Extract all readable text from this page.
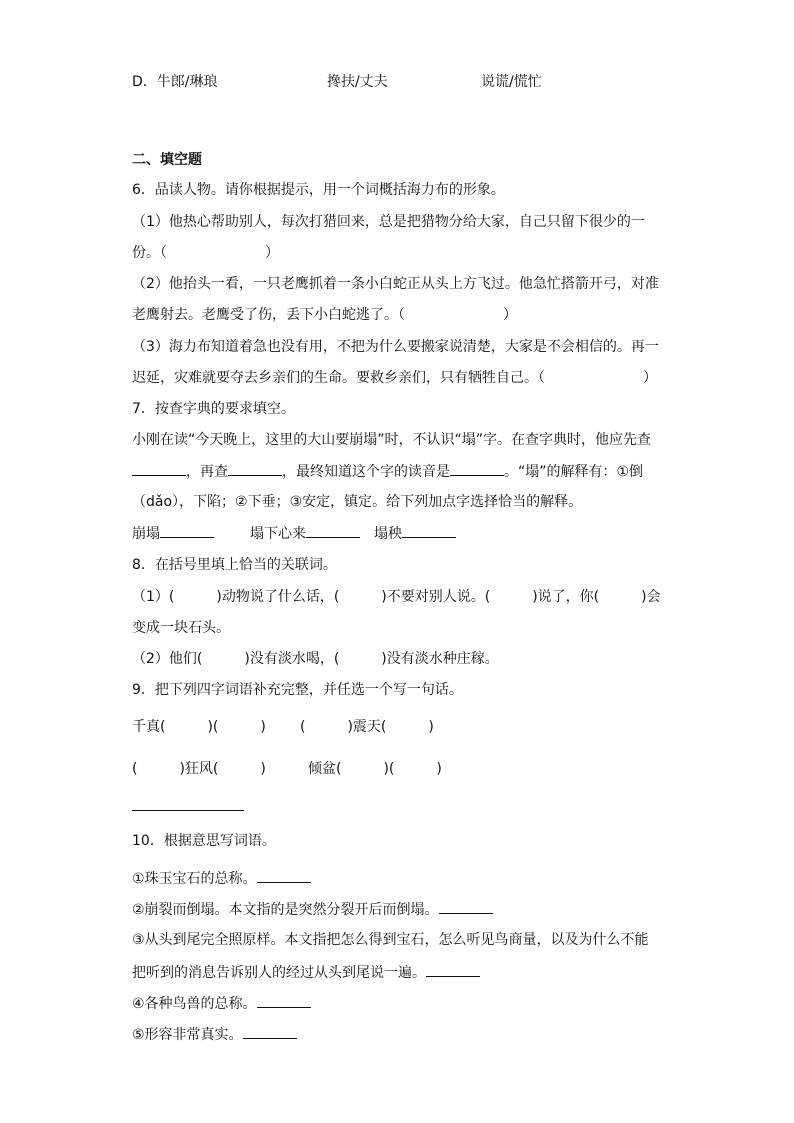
D．牛郎/琳琅	搀扶/丈夫	说谎/慌忙
二、填空题
6．品读人物。请你根据提示，用一个词概括海力布的形象。
（1）他热心帮助别人，每次打猎回来，总是把猎物分给大家，自己只留下很少的一
份。（　　　　　　　）
（2）他抬头一看，一只老鹰抓着一条小白蛇正从头上方飞过。他急忙搭箭开弓，对准
老鹰射去。老鹰受了伤，丢下小白蛇逃了。（　　　　　　　）
（3）海力布知道着急也没有用，不把为什么要搬家说清楚，大家是不会相信的。再一
迟延，灾难就要夺去乡亲们的生命。要救乡亲们，只有牺牲自己。（　　　　　　　）
7．按查字典的要求填空。
小刚在读“今天晚上，这里的大山要崩塌”时，不认识“塌”字。在查字典时，他应先查
，再查	，最终知道这个字的读音是	。“塌”的解释有：①倒
（dǎo），下陷；②下垂；③安定，镇定。给下列加点字选择恰当的解释。
崩塌	塌下心来	塌秧
8．在括号里填上恰当的关联词。
（1）(　　　)动物说了什么话，(　　　)不要对别人说。(　　　)说了，你(　　　)会
变成一块石头。
（2）他们(　　　)没有淡水喝，(　　　)没有淡水种庄稼。
9．把下列四字词语补充完整，并任选一个写一句话。
千真(　　　)(　　　) (　　　)震天(　　　)
(　　　)狂风(　　　)	倾盆(　　　)(　　　)
10．根据意思写词语。
①珠玉宝石的总称。
②崩裂而倒塌。本文指的是突然分裂开后而倒塌。
③从头到尾完全照原样。本文指把怎么得到宝石，怎么听见鸟商量，以及为什么不能
把听到的消息告诉别人的经过从头到尾说一遍。
④各种鸟兽的总称。
⑤形容非常真实。
